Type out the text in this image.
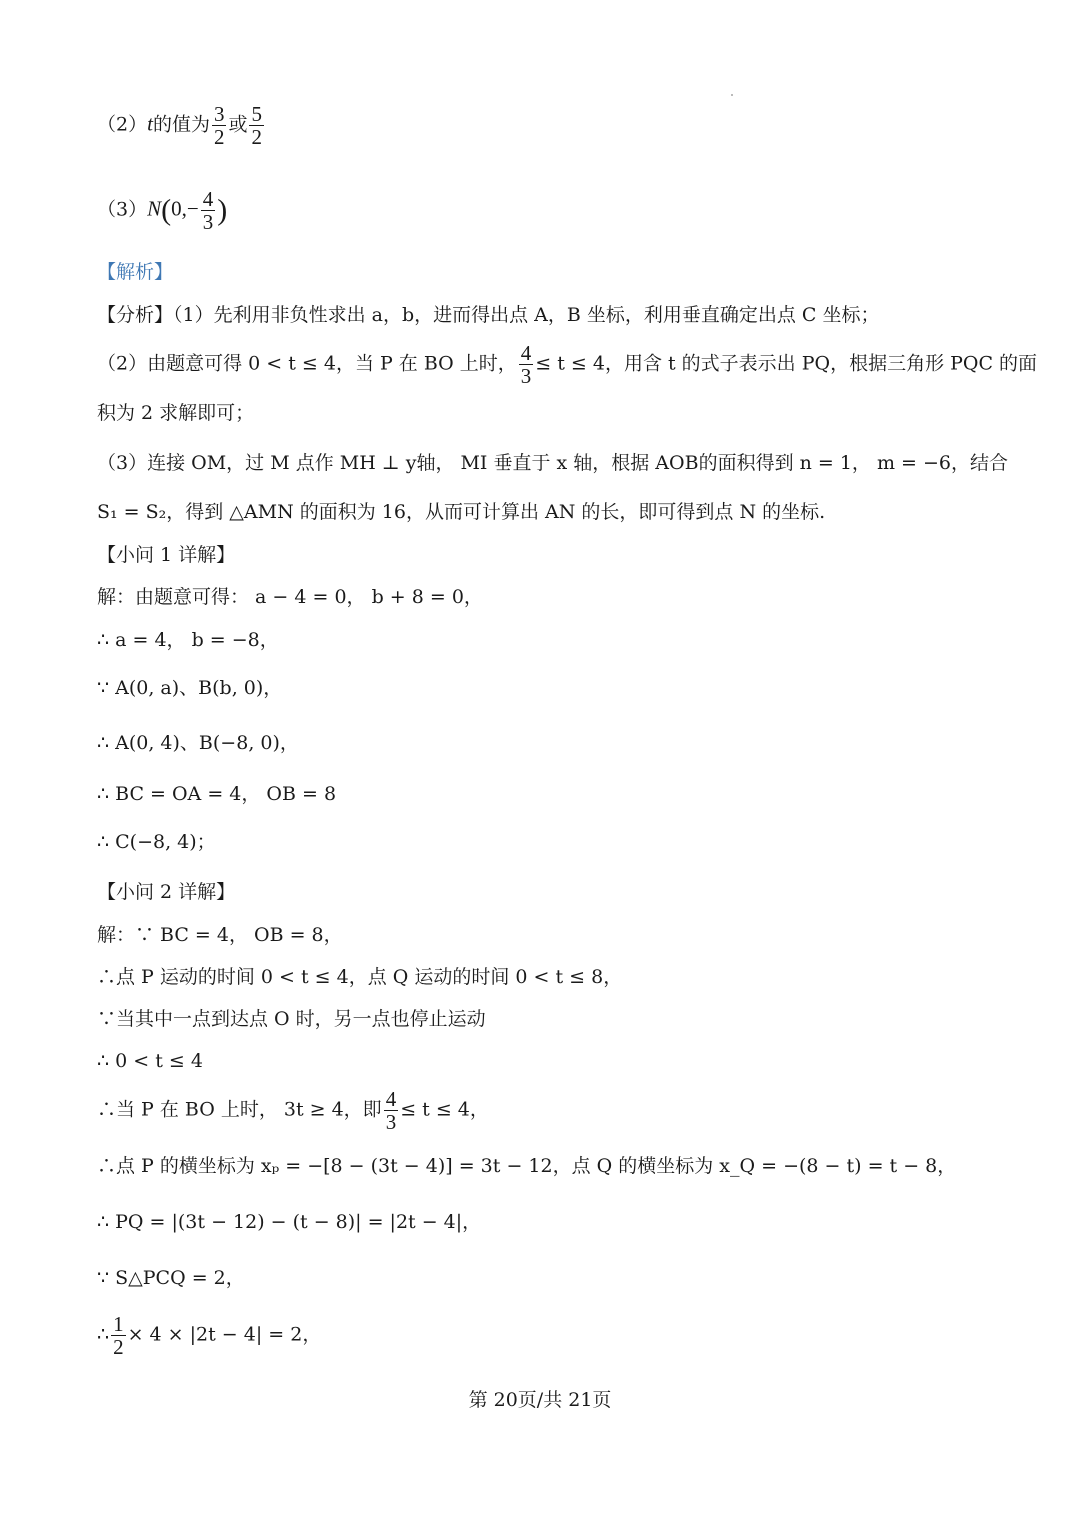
（2）t的值为 $\frac{3}{2}$ 或 $\frac{5}{2}$
$(3)N(0,- \frac{4}{3}$ )
【解析】
【分析】（1）先利用非负性求出 a，b，进而得出点 A，B 坐标，利用垂直确定出点 C 坐标；
（2）由题意可得 0 < t ≤ 4，当 P 在 BO 上时， $\frac{4}{3} \le t \le 4$，用含 t 的式子表示出 PQ，根据三角形 PQC 的面
积为 2 求解即可；
（3）连接 OM，过 M 点作 MH ⊥ y轴， MI 垂直于 x 轴，根据 AOB的面积得到 n = 1， m = −6，结合
S₁ = S₂，得到 △AMN 的面积为 16，从而可计算出 AN 的长，即可得到点 N 的坐标.
【小问 1 详解】
解：由题意可得： a − 4 = 0， b + 8 = 0，
∴ a = 4， b = −8，
∵ A(0, a)、B(b, 0)，
∴ A(0, 4)、B(−8, 0)，
∴ BC = OA = 4， OB = 8
∴ C(−8, 4)；
【小问 2 详解】
解：∵ BC = 4， OB = 8，
∴点 P 运动的时间 0 < t ≤ 4，点 Q 运动的时间 0 < t ≤ 8，
∵当其中一点到达点 O 时，另一点也停止运动
∴ 0 < t ≤ 4
∴当 P 在 BO 上时， 3t ≥ 4，即 $\frac{4}{3} \le t \le 4$，
∴点 P 的横坐标为 xₚ = −[8 − (3t − 4)] = 3t − 12，点 Q 的横坐标为 x_Q = −(8 − t) = t − 8，
∴ PQ = |(3t − 12) − (t − 8)| = |2t − 4|，
∵ S△PCQ = 2，
∴ $\frac{1}{2} \times 4 \times |2t - 4| = 2$，
第 20页/共 21页
